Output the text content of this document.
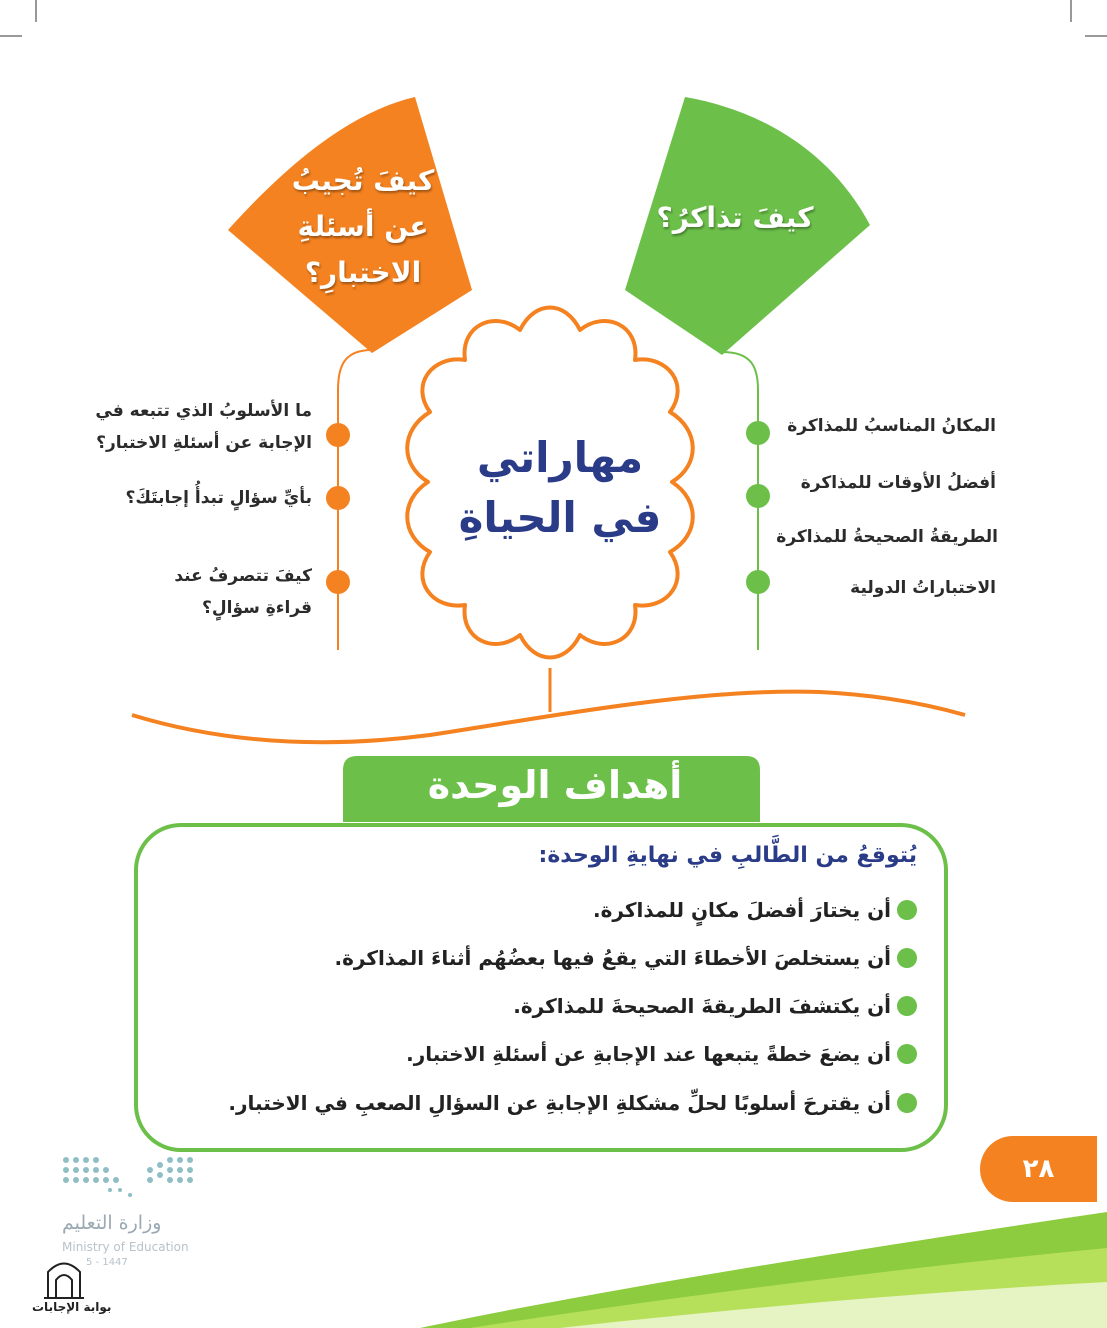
كيفَ تُجيبُ
عن أسئلةِ
الاختبارِ؟
كيفَ تذاكرُ؟
مهاراتي
في الحياةِ
ما الأسلوبُ الذي تتبعه في
الإجابة عن أسئلةِ الاختبار؟
بأيِّ سؤالٍ تبدأُ إجابتَكَ؟
كيفَ تتصرفُ عند
قراءةِ سؤالٍ؟
المكانُ المناسبُ للمذاكرة
أفضلُ الأوقات للمذاكرة
الطريقةُ الصحيحةُ للمذاكرة
الاختباراتُ الدولية
أهداف الوحدة
يُتوقعُ من الطَّالبِ في نهايةِ الوحدة:
أن يختارَ أفضلَ مكانٍ للمذاكرة.
أن يستخلصَ الأخطاءَ التي يقعُ فيها بعضُهُم أثناءَ المذاكرة.
أن يكتشفَ الطريقةَ الصحيحةَ للمذاكرة.
أن يضعَ خطةً يتبعها عند الإجابةِ عن أسئلةِ الاختبار.
أن يقترحَ أسلوبًا لحلِّ مشكلةِ الإجابةِ عن السؤالِ الصعبِ في الاختبار.
٢٨
وزارة التعليم
Ministry of Education
5 - 1447
بوابة الإجابات
